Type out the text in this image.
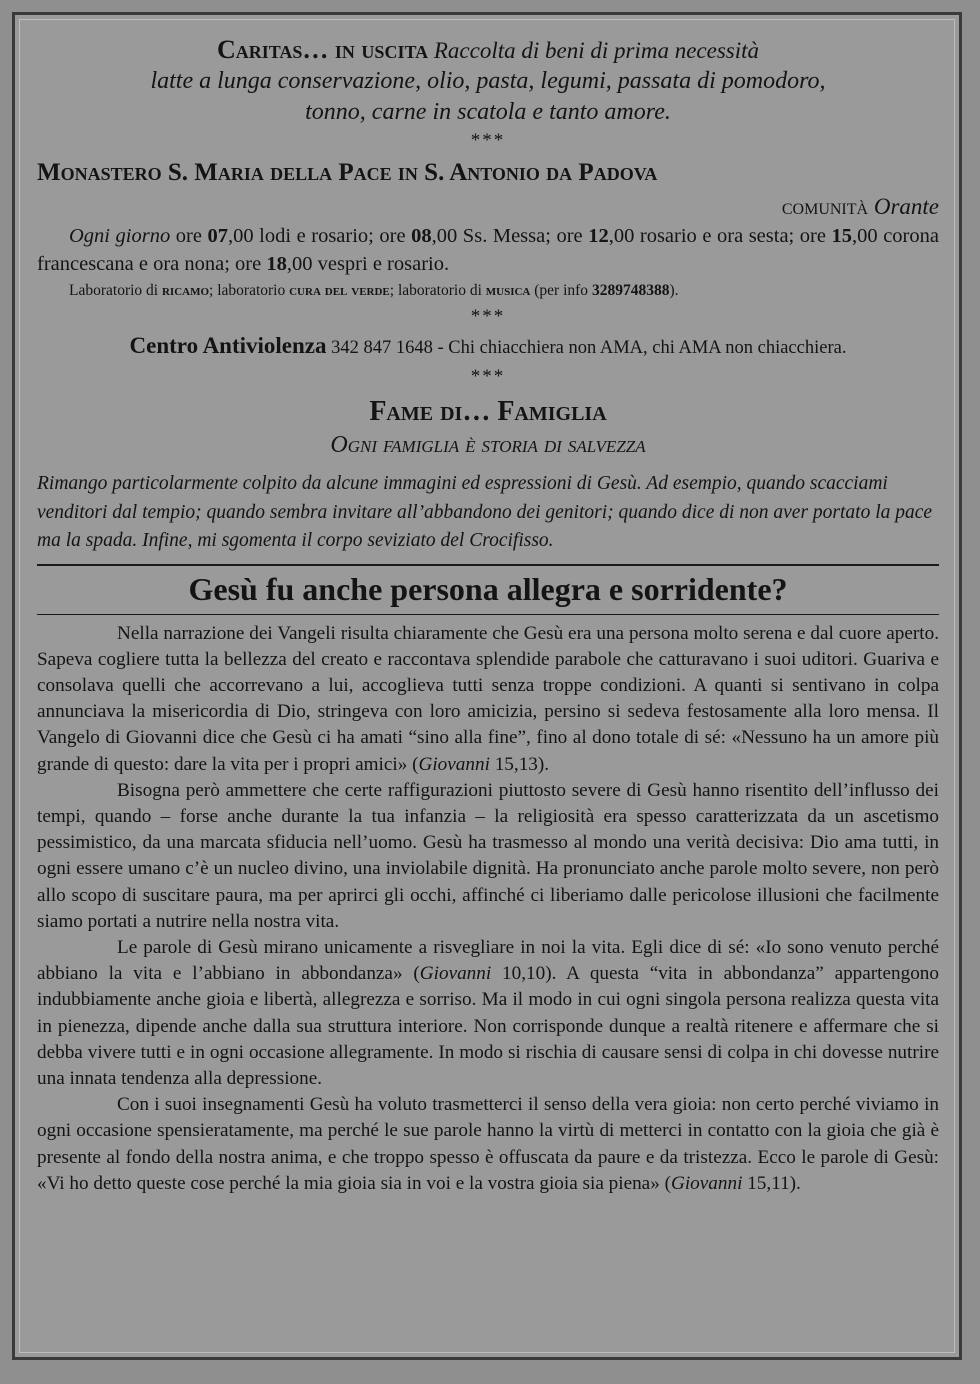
Caritas… in uscita Raccolta di beni di prima necessità
latte a lunga conservazione, olio, pasta, legumi, passata di pomodoro,
tonno, carne in scatola e tanto amore.
***
Monastero S. Maria della Pace in S. Antonio da Padova
comunità Orante
Ogni giorno ore 07,00 lodi e rosario; ore 08,00 Ss. Messa; ore 12,00 rosario e ora sesta; ore 15,00 corona francescana e ora nona; ore 18,00 vespri e rosario.
Laboratorio di ricamo; laboratorio cura del verde; laboratorio di musica (per info 3289748388).
***
Centro Antiviolenza 342 847 1648 - Chi chiacchiera non AMA, chi AMA non chiacchiera.
***
Fame di… Famiglia
Ogni famiglia è storia di salvezza
Rimango particolarmente colpito da alcune immagini ed espressioni di Gesù. Ad esempio, quando scacciami venditori dal tempio; quando sembra invitare all’abbandono dei genitori; quando dice di non aver portato la pace ma la spada. Infine, mi sgomenta il corpo seviziato del Crocifisso.
Gesù fu anche persona allegra e sorridente?

Nella narrazione dei Vangeli risulta chiaramente che Gesù era una persona molto serena e dal cuore aperto. Sapeva cogliere tutta la bellezza del creato e raccontava splendide parabole che catturavano i suoi uditori. Guariva e consolava quelli che accorrevano a lui, accoglieva tutti senza troppe condizioni. A quanti si sentivano in colpa annunciava la misericordia di Dio, stringeva con loro amicizia, persino si sedeva festosamente alla loro mensa. Il Vangelo di Giovanni dice che Gesù ci ha amati “sino alla fine”, fino al dono totale di sé: «Nessuno ha un amore più grande di questo: dare la vita per i propri amici» (Giovanni 15,13).

Bisogna però ammettere che certe raffigurazioni piuttosto severe di Gesù hanno risentito dell’influsso dei tempi, quando – forse anche durante la tua infanzia – la religiosità era spesso caratterizzata da un ascetismo pessimistico, da una marcata sfiducia nell’uomo. Gesù ha trasmesso al mondo una verità decisiva: Dio ama tutti, in ogni essere umano c’è un nucleo divino, una inviolabile dignità. Ha pronunciato anche parole molto severe, non però allo scopo di suscitare paura, ma per aprirci gli occhi, affinché ci liberiamo dalle pericolose illusioni che facilmente siamo portati a nutrire nella nostra vita.

Le parole di Gesù mirano unicamente a risvegliare in noi la vita. Egli dice di sé: «Io sono venuto perché abbiano la vita e l’abbiano in abbondanza» (Giovanni 10,10). A questa “vita in abbondanza” appartengono indubbiamente anche gioia e libertà, allegrezza e sorriso. Ma il modo in cui ogni singola persona realizza questa vita in pienezza, dipende anche dalla sua struttura interiore. Non corrisponde dunque a realtà ritenere e affermare che si debba vivere tutti e in ogni occasione allegramente. In modo si rischia di causare sensi di colpa in chi dovesse nutrire una innata tendenza alla depressione.

Con i suoi insegnamenti Gesù ha voluto trasmetterci il senso della vera gioia: non certo perché viviamo in ogni occasione spensieratamente, ma perché le sue parole hanno la virtù di metterci in contatto con la gioia che già è presente al fondo della nostra anima, e che troppo spesso è offuscata da paure e da tristezza. Ecco le parole di Gesù: «Vi ho detto queste cose perché la mia gioia sia in voi e la vostra gioia sia piena» (Giovanni 15,11).
